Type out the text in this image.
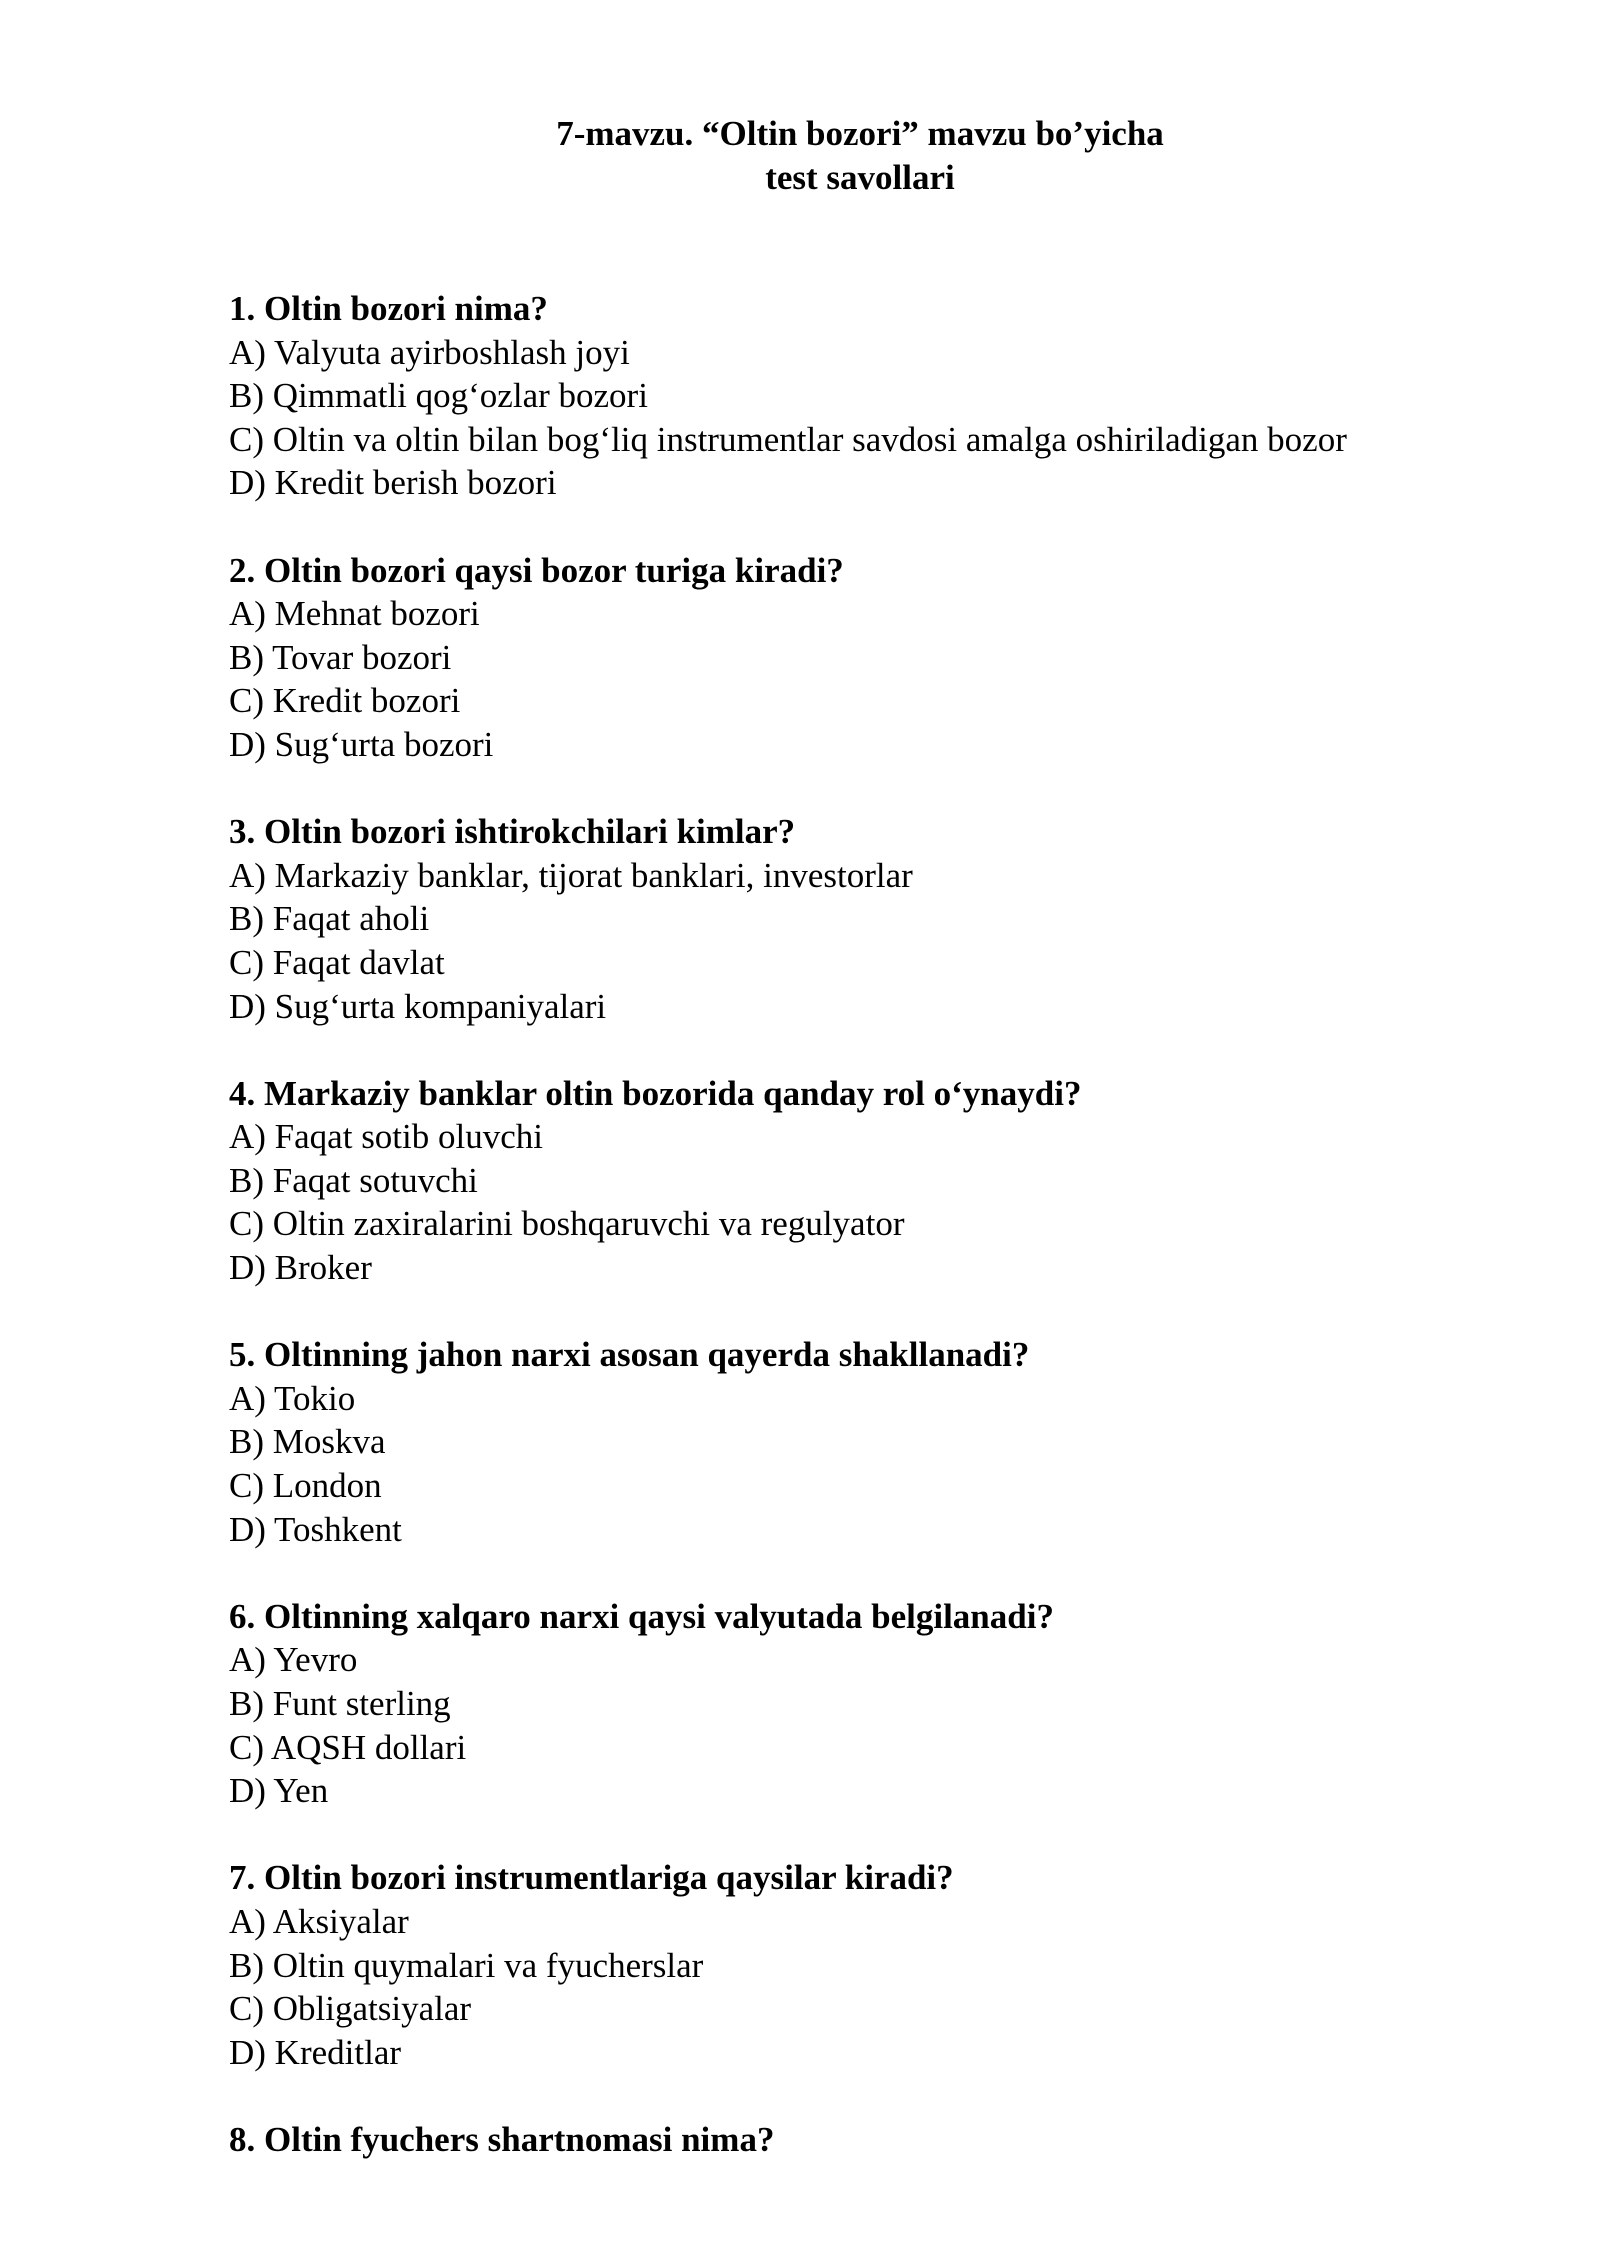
7-mavzu. “Oltin bozori” mavzu bo’yicha
test savollari
1. Oltin bozori nima?
A) Valyuta ayirboshlash joyi
B) Qimmatli qog‘ozlar bozori
C) Oltin va oltin bilan bog‘liq instrumentlar savdosi amalga oshiriladigan bozor
D) Kredit berish bozori
2. Oltin bozori qaysi bozor turiga kiradi?
A) Mehnat bozori
B) Tovar bozori
C) Kredit bozori
D) Sug‘urta bozori
3. Oltin bozori ishtirokchilari kimlar?
A) Markaziy banklar, tijorat banklari, investorlar
B) Faqat aholi
C) Faqat davlat
D) Sug‘urta kompaniyalari
4. Markaziy banklar oltin bozorida qanday rol o‘ynaydi?
A) Faqat sotib oluvchi
B) Faqat sotuvchi
C) Oltin zaxiralarini boshqaruvchi va regulyator
D) Broker
5. Oltinning jahon narxi asosan qayerda shakllanadi?
A) Tokio
B) Moskva
C) London
D) Toshkent
6. Oltinning xalqaro narxi qaysi valyutada belgilanadi?
A) Yevro
B) Funt sterling
C) AQSH dollari
D) Yen
7. Oltin bozori instrumentlariga qaysilar kiradi?
A) Aksiyalar
B) Oltin quymalari va fyucherslar
C) Obligatsiyalar
D) Kreditlar
8. Oltin fyuchers shartnomasi nima?
